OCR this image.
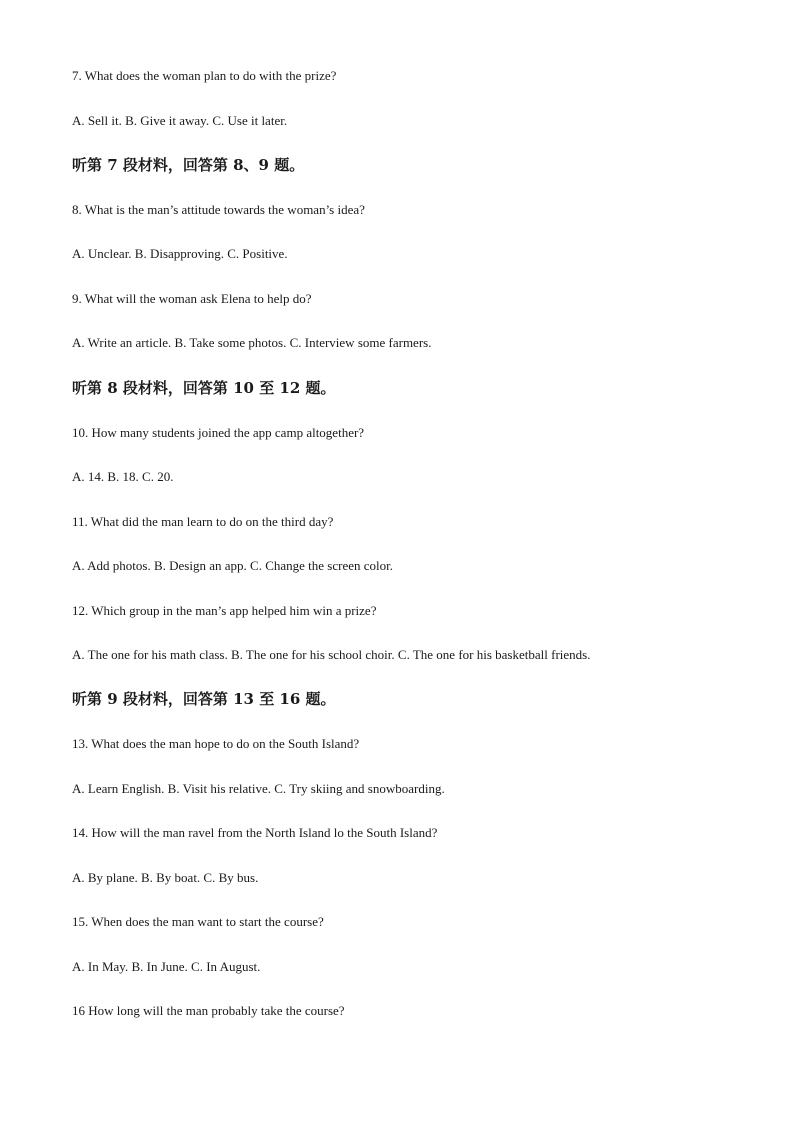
7. What does the woman plan to do with the prize?
A. Sell it. B. Give it away. C. Use it later.
听第 7 段材料，回答第 8、9 题。
8. What is the man’s attitude towards the woman’s idea?
A. Unclear. B. Disapproving. C. Positive.
9. What will the woman ask Elena to help do?
A. Write an article. B. Take some photos. C. Interview some farmers.
听第 8 段材料，回答第 10 至 12 题。
10. How many students joined the app camp altogether?
A. 14. B. 18. C. 20.
11. What did the man learn to do on the third day?
A. Add photos. B. Design an app. C. Change the screen color.
12. Which group in the man’s app helped him win a prize?
A. The one for his math class. B. The one for his school choir. C. The one for his basketball friends.
听第 9 段材料，回答第 13 至 16 题。
13. What does the man hope to do on the South Island?
A. Learn English. B. Visit his relative. C. Try skiing and snowboarding.
14. How will the man ravel from the North Island lo the South Island?
A. By plane. B. By boat. C. By bus.
15. When does the man want to start the course?
A. In May. B. In June. C. In August.
16 How long will the man probably take the course?
